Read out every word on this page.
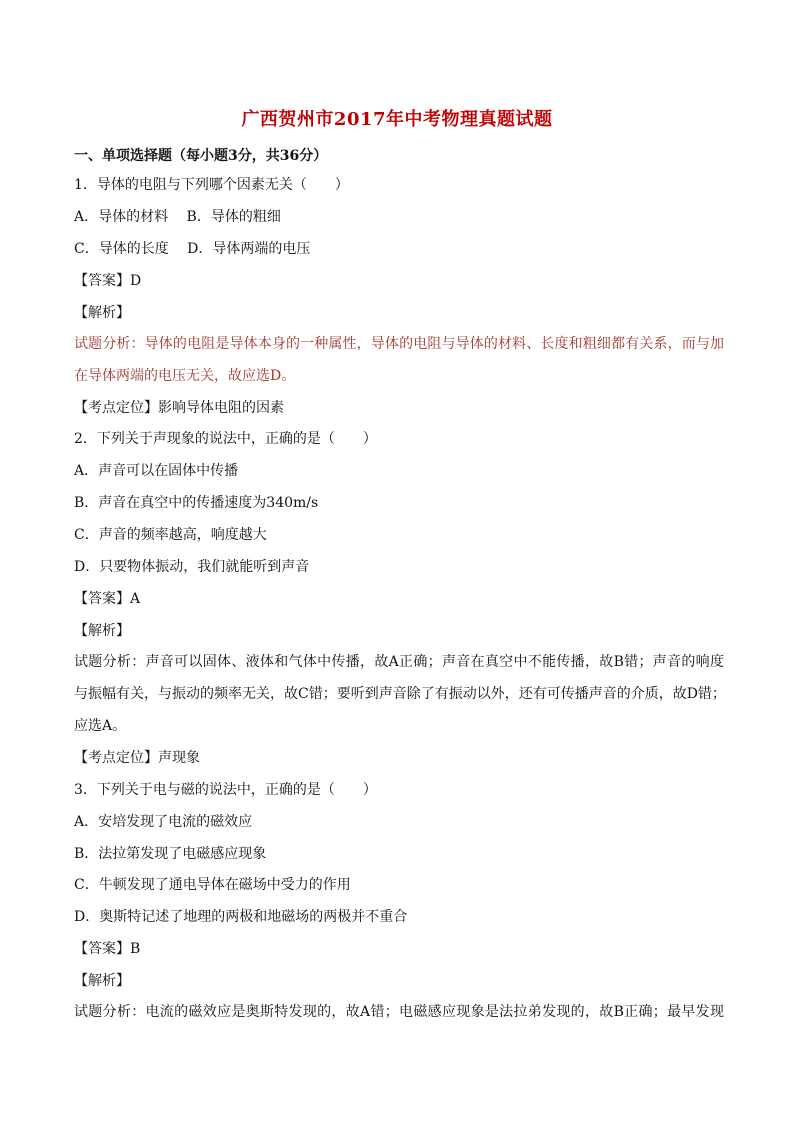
广西贺州市2017年中考物理真题试题
一、单项选择题（每小题3分，共36分）
1．导体的电阻与下列哪个因素无关（　　）
A．导体的材料　 B．导体的粗细
C．导体的长度　 D．导体两端的电压
【答案】D
【解析】
试题分析：导体的电阻是导体本身的一种属性，导体的电阻与导体的材料、长度和粗细都有关系，而与加
在导体两端的电压无关，故应选D。
【考点定位】影响导体电阻的因素
2．下列关于声现象的说法中，正确的是（　　）
A．声音可以在固体中传播
B．声音在真空中的传播速度为340m/s
C．声音的频率越高，响度越大
D．只要物体振动，我们就能听到声音
【答案】A
【解析】
试题分析：声音可以固体、液体和气体中传播，故A正确；声音在真空中不能传播，故B错；声音的响度
与振幅有关，与振动的频率无关，故C错；要听到声音除了有振动以外，还有可传播声音的介质，故D错；
应选A。
【考点定位】声现象
3．下列关于电与磁的说法中，正确的是（　　）
A．安培发现了电流的磁效应
B．法拉第发现了电磁感应现象
C．牛顿发现了通电导体在磁场中受力的作用
D．奥斯特记述了地理的两极和地磁场的两极并不重合
【答案】B
【解析】
试题分析：电流的磁效应是奥斯特发现的，故A错；电磁感应现象是法拉弟发现的，故B正确；最早发现
